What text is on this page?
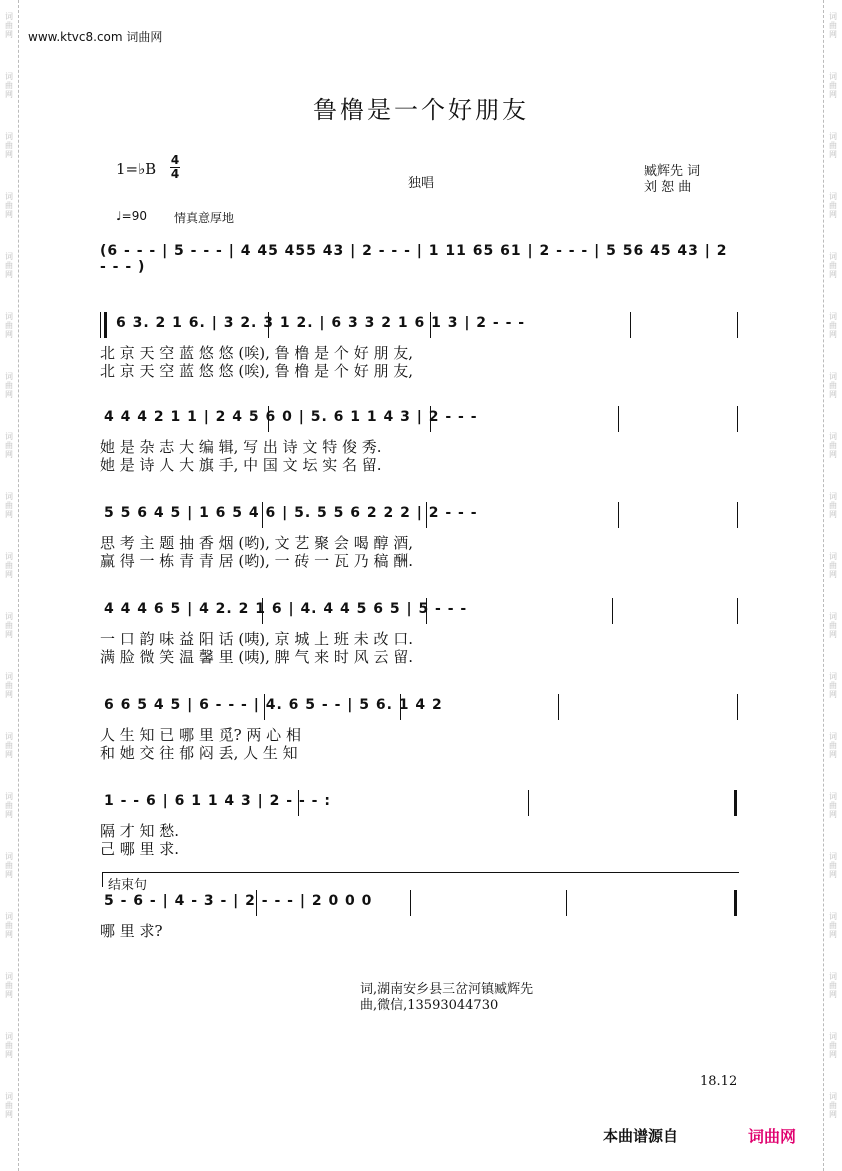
词
曲
网
词
曲
网
词
曲
网
词
曲
网
词
曲
网
词
曲
网
词
曲
网
词
曲
网
词
曲
网
词
曲
网
词
曲
网
词
曲
网
词
曲
网
词
曲
网
词
曲
网
词
曲
网
词
曲
网
词
曲
网
词
曲
网
词
曲
网
词
曲
网
词
曲
网
词
曲
网
词
曲
网
词
曲
网
词
曲
网
词
曲
网
词
曲
网
词
曲
网
词
曲
网
词
曲
网
词
曲
网
词
曲
网
词
曲
网
词
曲
网
词
曲
网
词
曲
网
词
曲
网
www.ktvc8.com 词曲网
鲁橹是一个好朋友
1=♭B 4
4
独唱
臧辉先 词
刘 恕 曲
♩=90 情真意厚地
(6 - - - | 5 - - - | 4 45 455 43 | 2 - - - | 1 11 65 61 | 2 - - - | 5 56 45 43 | 2 - - - )
6 3. 2 1 6. | 3 2. 3 1 2. | 6 3 3 2 1 6 1 3 | 2 - - -
北 京 天 空 蓝 悠 悠 (唉), 鲁 橹 是 个 好 朋 友,
北 京 天 空 蓝 悠 悠 (唉), 鲁 橹 是 个 好 朋 友,
4 4 4 2 1 1 | 2 4 5 6 0 | 5. 6 1 1 4 3 | 2 - - -
她 是 杂 志 大 编 辑, 写 出 诗 文 特 俊 秀.
她 是 诗 人 大 旗 手, 中 国 文 坛 实 名 留.
5 5 6 4 5 | 1 6 5 4 6 | 5. 5 5 6 2 2 2 | 2 - - -
思 考 主 题 抽 香 烟 (哟), 文 艺 聚 会 喝 醇 酒,
赢 得 一 栋 青 青 居 (哟), 一 砖 一 瓦 乃 稿 酬.
4 4 4 6 5 | 4 2. 2 1 6 | 4. 4 4 5 6 5 | 5 - - -
一 口 韵 味 益 阳 话 (咦), 京 城 上 班 未 改 口.
满 脸 微 笑 温 馨 里 (咦), 脾 气 来 时 风 云 留.
6 6 5 4 5 | 6 - - - | 4. 6 5 - - | 5 6. 1 4 2
人 生 知 已 哪 里 觅? 两 心 相
和 她 交 往 郁 闷 丢, 人 生 知
1 - - 6 | 6 1 1 4 3 | 2 - - - :
隔 才 知 愁.
己 哪 里 求.
结束句
5 - 6 - | 4 - 3 - | 2 - - - | 2 0 0 0
哪 里 求?
词,湖南安乡县三岔河镇臧辉先
曲,微信,13593044730
18.12
本曲谱源自	词曲网
